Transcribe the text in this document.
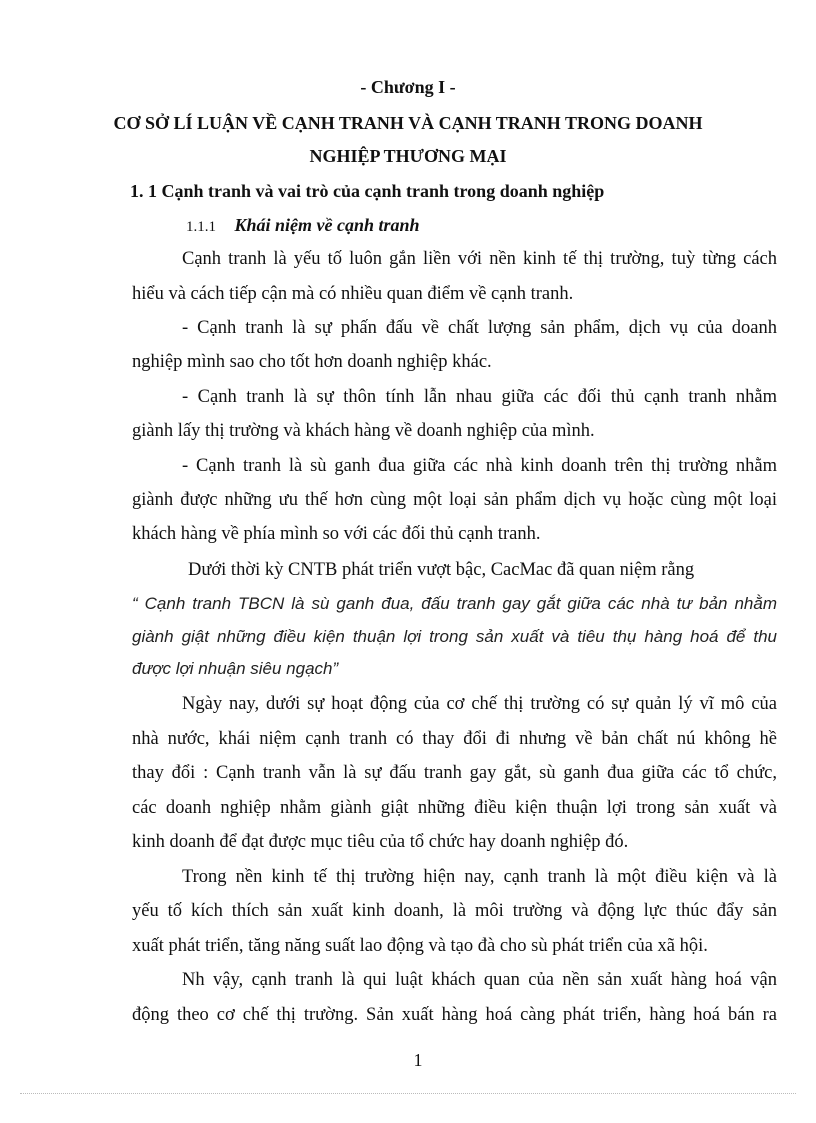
- Chương I -
CƠ SỞ LÍ LUẬN VỀ CẠNH TRANH VÀ CẠNH TRANH TRONG DOANH
NGHIỆP THƯƠNG MẠI
1. 1 Cạnh tranh và vai trò của cạnh tranh trong doanh nghiệp
1.1.1 Khái niệm về cạnh tranh
Cạnh tranh là yếu tố luôn gắn liền với nền kinh tế thị trường, tuỳ từng cách
hiểu và cách tiếp cận mà có nhiều quan điểm về cạnh tranh.
- Cạnh tranh là sự phấn đấu về chất lượng sản phẩm, dịch vụ của doanh
nghiệp mình sao cho tốt hơn doanh nghiệp khác.
- Cạnh tranh là sự thôn tính lẫn nhau giữa các đối thủ cạnh tranh nhằm
giành lấy thị trường và khách hàng về doanh nghiệp của mình.
- Cạnh tranh là sù ganh đua giữa các nhà kinh doanh trên thị trường nhằm
giành được những ưu thế hơn cùng một loại sản phẩm dịch vụ hoặc cùng một loại
khách hàng về phía mình so với các đối thủ cạnh tranh.
Dưới thời kỳ CNTB phát triển vượt bậc, CacMac đã quan niệm rằng
“ Cạnh tranh TBCN là sù ganh đua, đấu tranh gay gắt giữa các nhà tư bản nhằm
giành giật những điều kiện thuận lợi trong sản xuất và tiêu thụ hàng hoá để thu
được lợi nhuận siêu ngạch”
Ngày nay, dưới sự hoạt động của cơ chế thị trường có sự quản lý vĩ mô của
nhà nước, khái niệm cạnh tranh có thay đổi đi nhưng về bản chất nú không hề
thay đổi : Cạnh tranh vẫn là sự đấu tranh gay gắt, sù ganh đua giữa các tổ chức,
các doanh nghiệp nhằm giành giật những điều kiện thuận lợi trong sản xuất và
kinh doanh để đạt được mục tiêu của tổ chức hay doanh nghiệp đó.
Trong nền kinh tế thị trường hiện nay, cạnh tranh là một điều kiện và là
yếu tố kích thích sản xuất kinh doanh, là môi trường và động lực thúc đẩy sản
xuất phát triển, tăng năng suất lao động và tạo đà cho sù phát triển của xã hội.
Nh vậy, cạnh tranh là qui luật khách quan của nền sản xuất hàng hoá vận
động theo cơ chế thị trường. Sản xuất hàng hoá càng phát triển, hàng hoá bán ra
1
